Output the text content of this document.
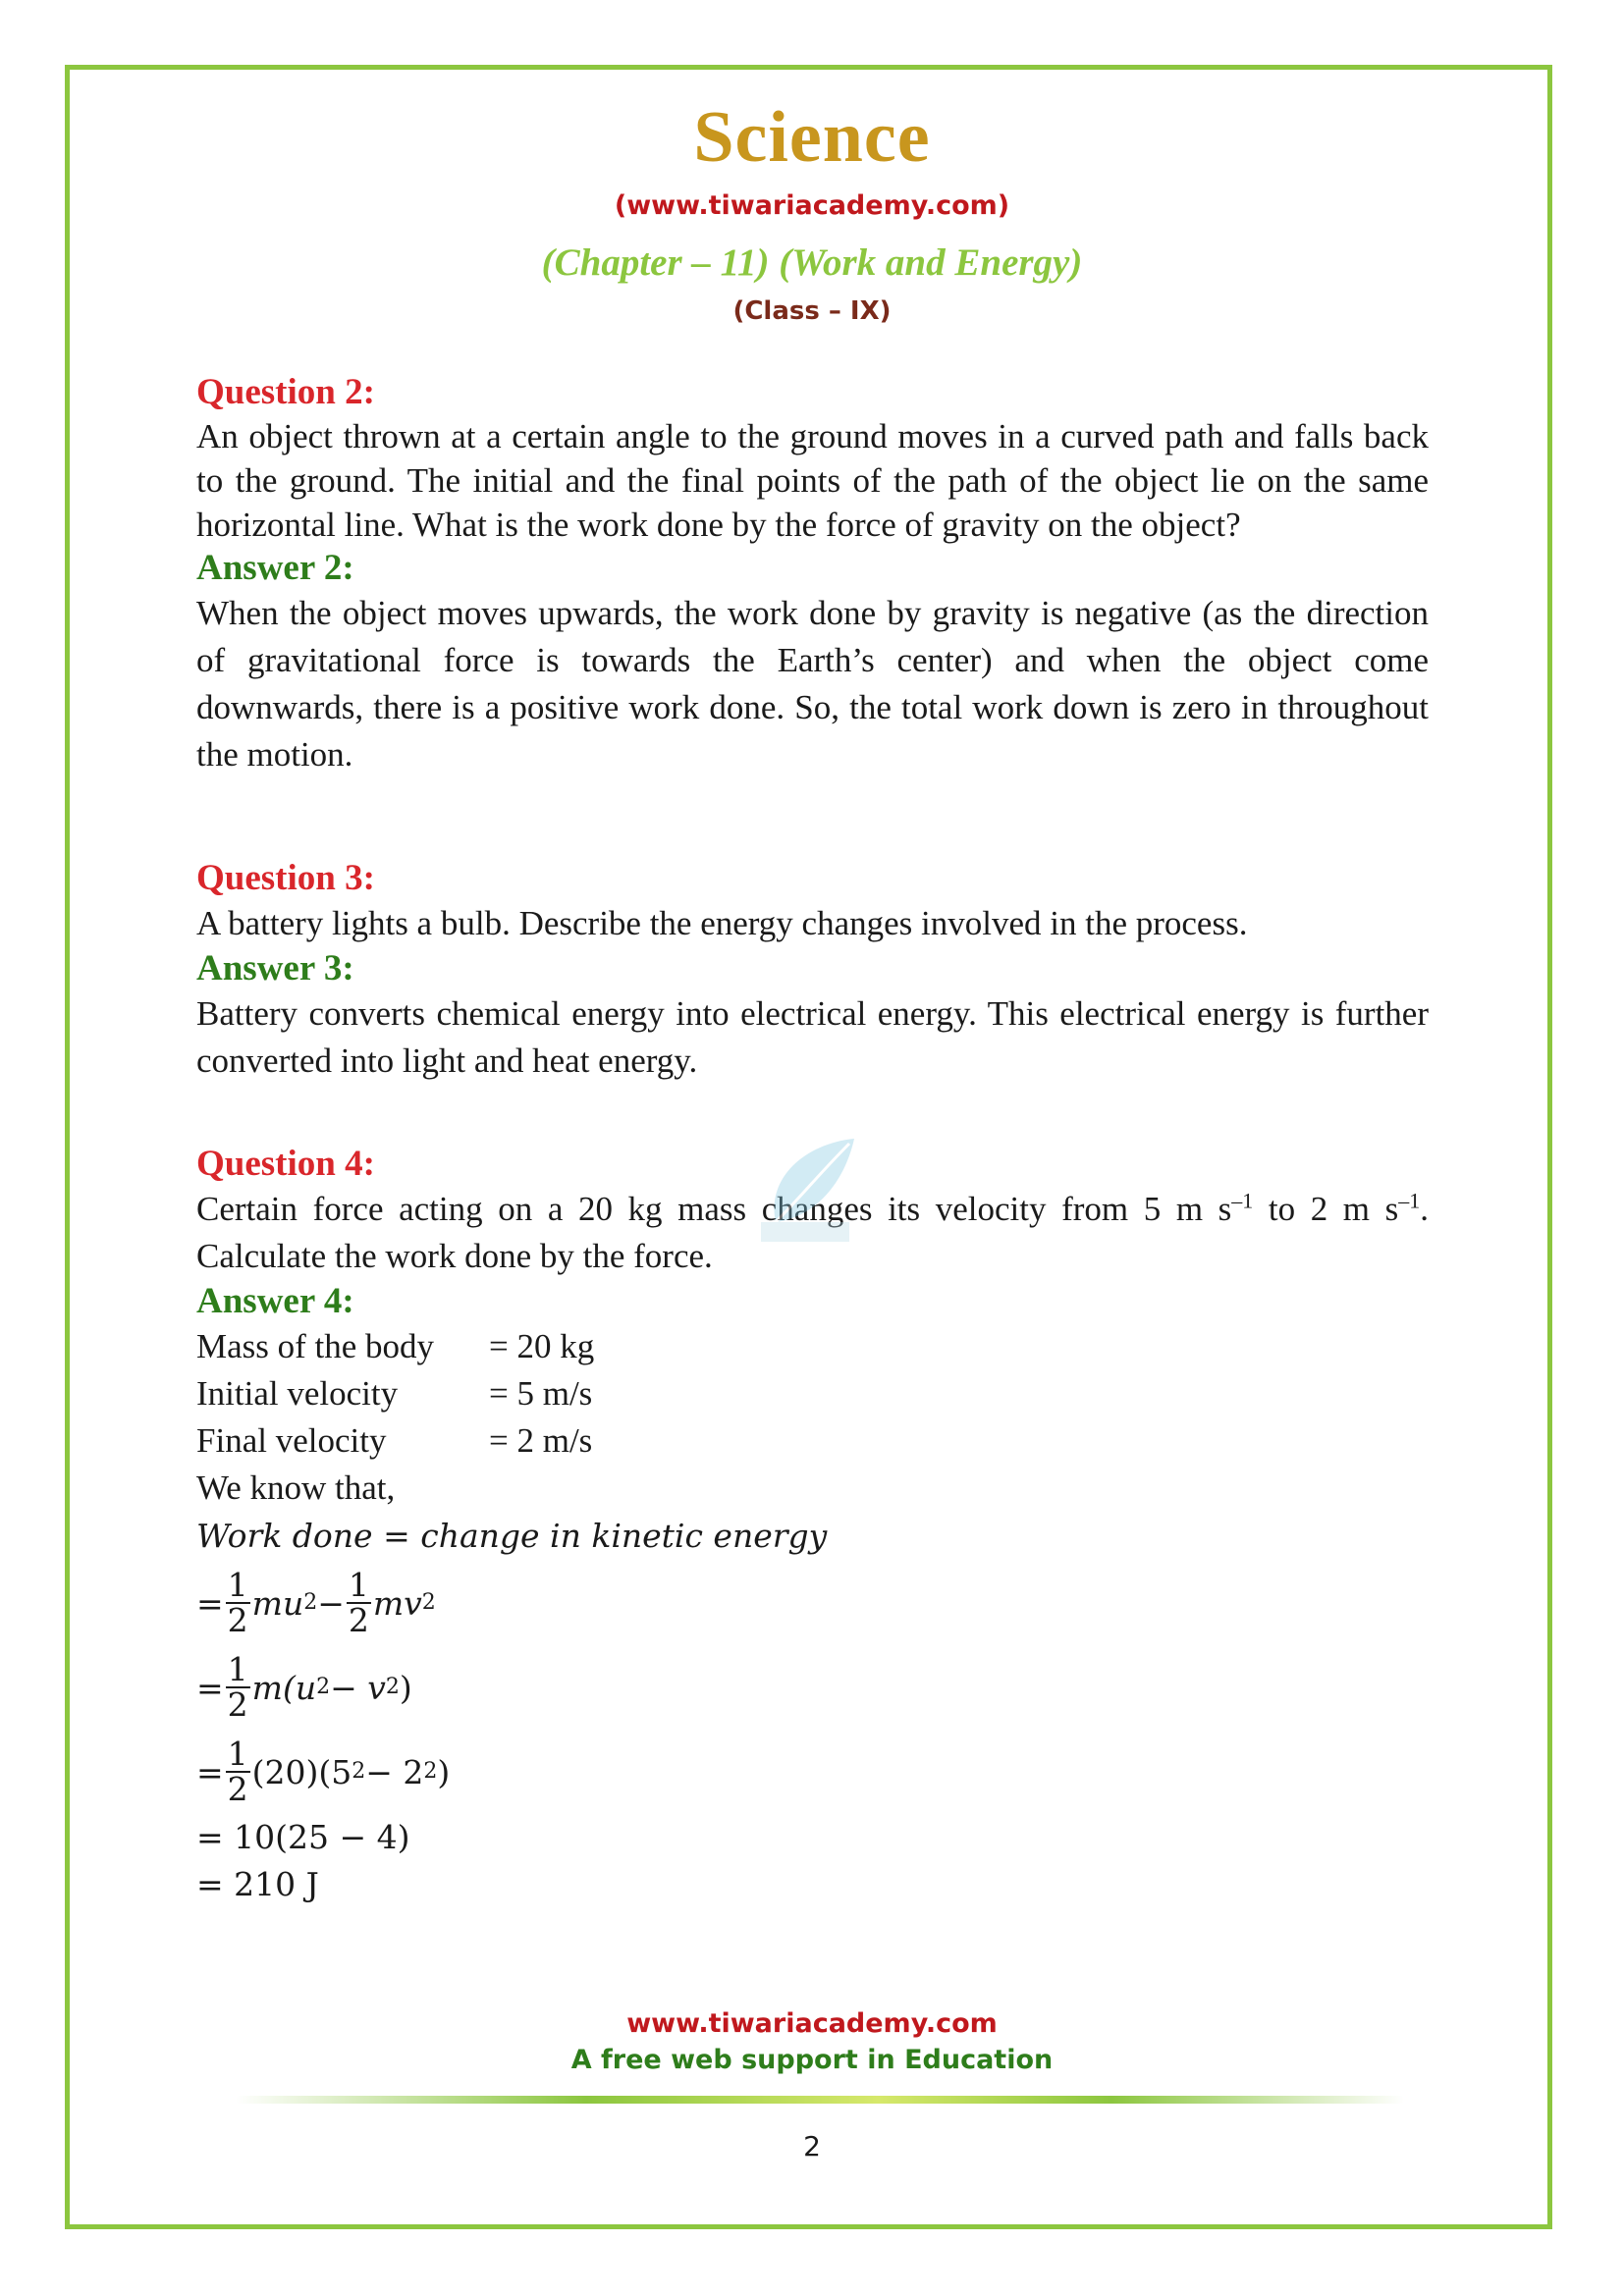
Science
(www.tiwariacademy.com)
(Chapter – 11) (Work and Energy)
(Class – IX)
Question 2:
An object thrown at a certain angle to the ground moves in a curved path and falls back to the ground. The initial and the final points of the path of the object lie on the same horizontal line. What is the work done by the force of gravity on the object?
Answer 2:
When the object moves upwards, the work done by gravity is negative (as the direction of gravitational force is towards the Earth’s center) and when the object come downwards, there is a positive work done. So, the total work down is zero in throughout the motion.
Question 3:
A battery lights a bulb. Describe the energy changes involved in the process.
Answer 3:
Battery converts chemical energy into electrical energy. This electrical energy is further converted into light and heat energy.
Question 4:
Certain force acting on a 20 kg mass changes its velocity from 5 m $s^{-1}$ to 2 m $s^{-1}$. Calculate the work done by the force.
Answer 4:
Mass of the body	= 20 kg
Initial velocity	= 5 m/s
Final velocity	= 2 m/s
We know that,
Work done = change in kinetic energy
= $\frac{1}{2}$ mu $2 - \frac{1}{2}$ mv 2
= $\frac{1}{2} m(u$ 2 − v 2 )
= $\frac{1}{2} (20)(5$ 2 − 2 2 )
= 10(25 − 4)
= 210 J
www.tiwariacademy.com
A free web support in Education
2
